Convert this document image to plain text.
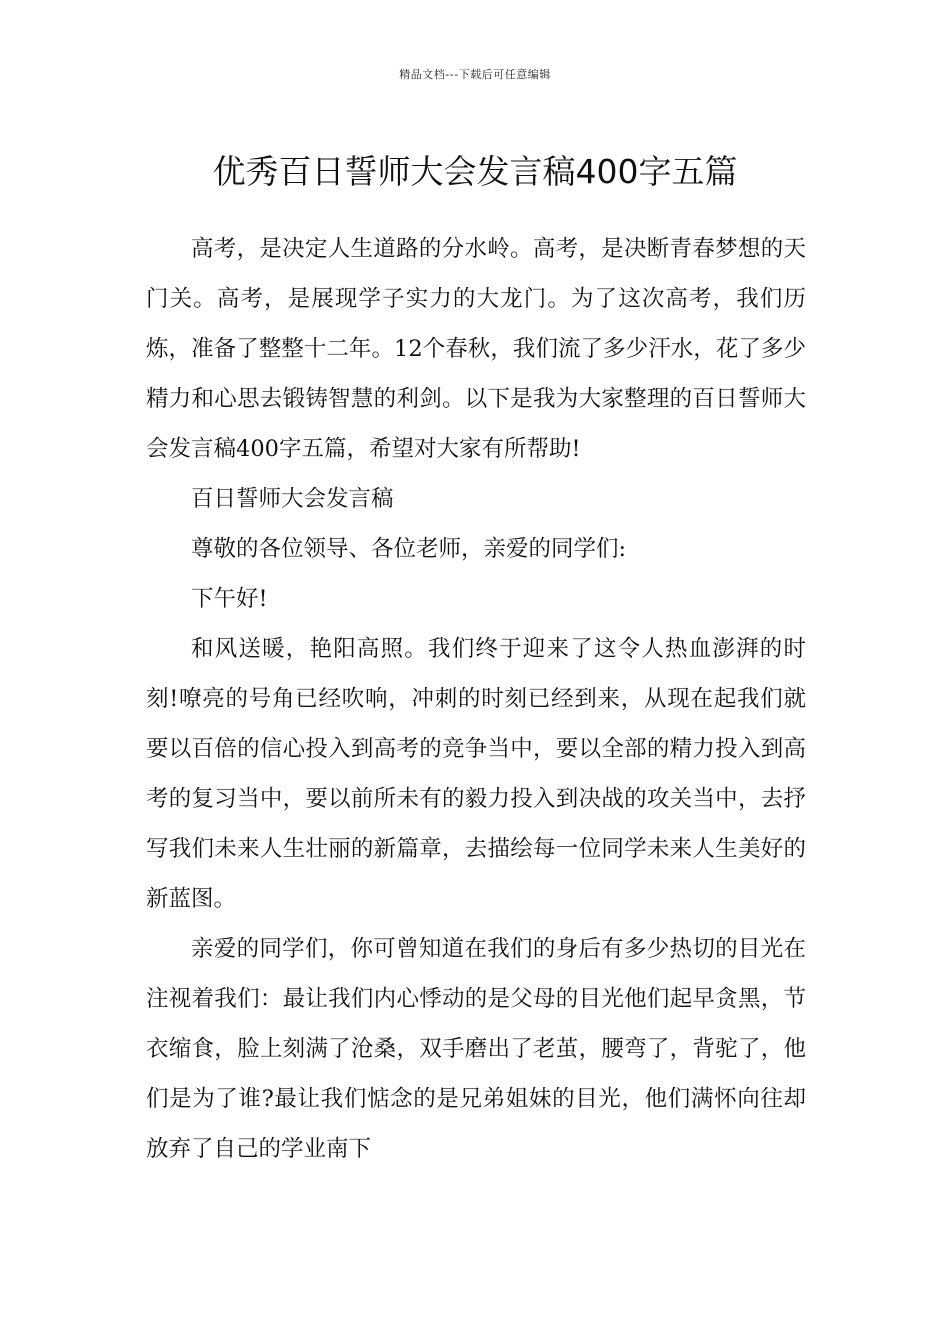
精品文档---下载后可任意编辑
优秀百日誓师大会发言稿400字五篇

高考，是决定人生道路的分水岭。高考，是决断青春梦想的天门关。高考，是展现学子实力的大龙门。为了这次高考，我们历炼，准备了整整十二年。12个春秋，我们流了多少汗水，花了多少精力和心思去锻铸智慧的利剑。以下是我为大家整理的百日誓师大会发言稿400字五篇，希望对大家有所帮助!

百日誓师大会发言稿

尊敬的各位领导、各位老师，亲爱的同学们:

下午好!

和风送暖，艳阳高照。我们终于迎来了这令人热血澎湃的时刻!嘹亮的号角已经吹响，冲刺的时刻已经到来，从现在起我们就要以百倍的信心投入到高考的竞争当中，要以全部的精力投入到高考的复习当中，要以前所未有的毅力投入到决战的攻关当中，去抒写我们未来人生壮丽的新篇章，去描绘每一位同学未来人生美好的新蓝图。

亲爱的同学们，你可曾知道在我们的身后有多少热切的目光在注视着我们：最让我们内心悸动的是父母的目光他们起早贪黑，节衣缩食，脸上刻满了沧桑，双手磨出了老茧，腰弯了，背驼了，他们是为了谁?最让我们惦念的是兄弟姐妹的目光，他们满怀向往却放弃了自己的学业南下
